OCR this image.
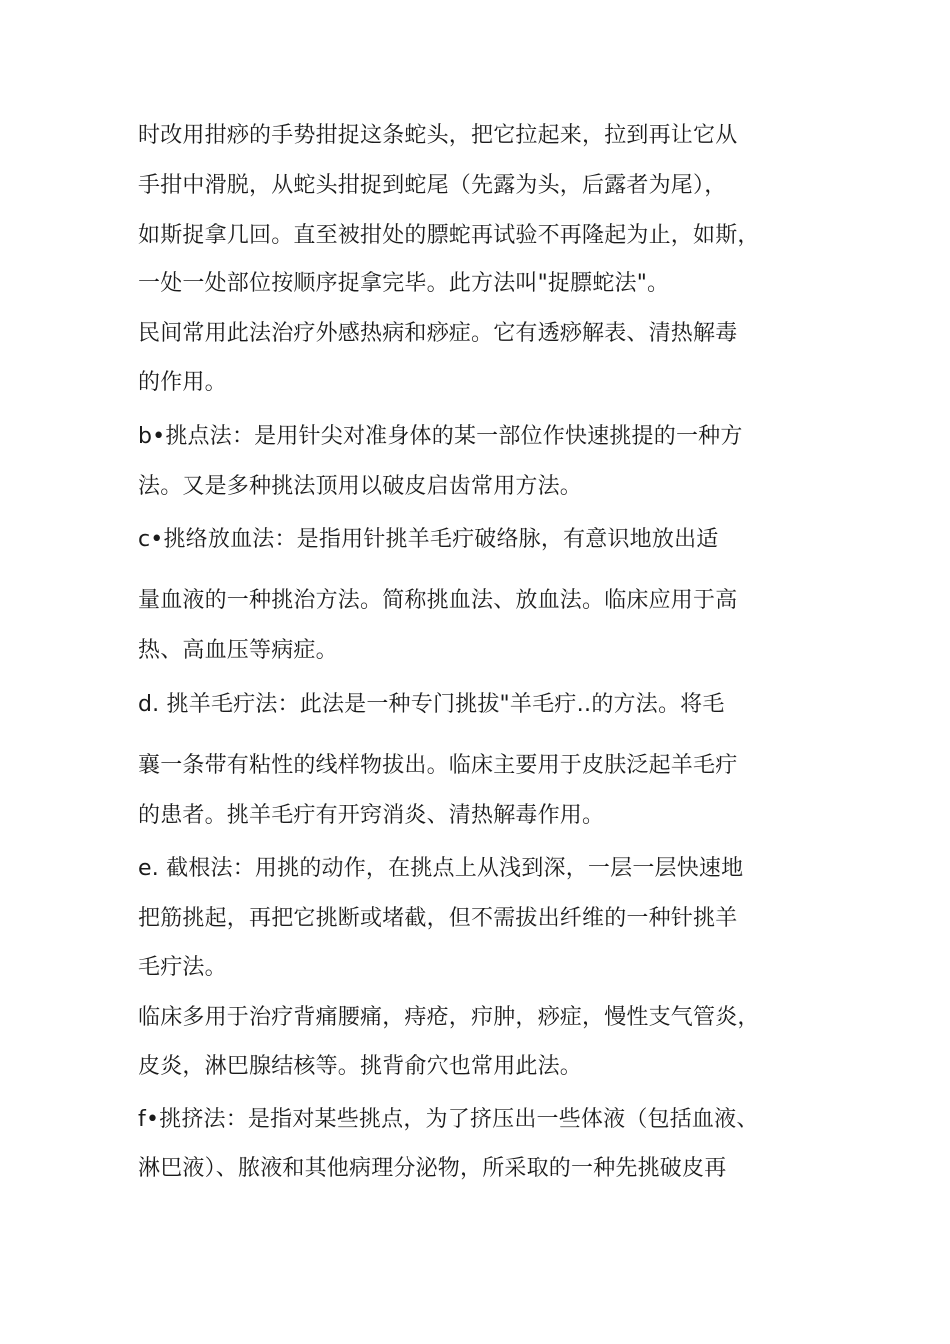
时改用拑痧的手势拑捉这条蛇头，把它拉起来，拉到再让它从
手拑中滑脱，从蛇头拑捉到蛇尾（先露为头，后露者为尾），
如斯捉拿几回。直至被拑处的膘蛇再试验不再隆起为止，如斯，
一处一处部位按顺序捉拿完毕。此方法叫"捉膘蛇法"。
民间常用此法治疗外感热病和痧症。它有透痧解表、清热解毒
的作用。
b•挑点法：是用针尖对准身体的某一部位作快速挑提的一种方
法。又是多种挑法顶用以破皮启齿常用方法。
c•挑络放血法：是指用针挑羊毛疔破络脉，有意识地放出适
量血液的一种挑治方法。简称挑血法、放血法。临床应用于高
热、高血压等病症。
d. 挑羊毛疔法：此法是一种专门挑拔"羊毛疔‥的方法。将毛
襄一条带有粘性的线样物拔出。临床主要用于皮肤泛起羊毛疔
的患者。挑羊毛疔有开窍消炎、清热解毒作用。
e. 截根法：用挑的动作，在挑点上从浅到深，一层一层快速地
把筋挑起，再把它挑断或堵截，但不需拔出纤维的一种针挑羊
毛疔法。
临床多用于治疗背痛腰痛，痔疮，疖肿，痧症，慢性支气管炎，
皮炎，淋巴腺结核等。挑背俞穴也常用此法。
f•挑挤法：是指对某些挑点，为了挤压出一些体液（包括血液、
淋巴液）、脓液和其他病理分泌物，所采取的一种先挑破皮再
